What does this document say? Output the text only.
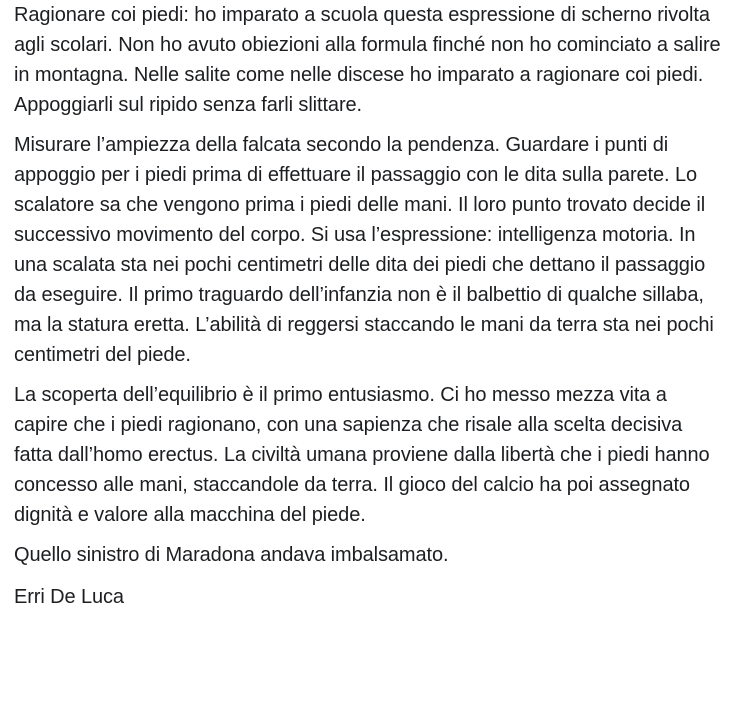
Ragionare coi piedi: ho imparato a scuola questa espressione di scherno rivolta agli scolari. Non ho avuto obiezioni alla formula finché non ho cominciato a salire in montagna. Nelle salite come nelle discese ho imparato a ragionare coi piedi. Appoggiarli sul ripido senza farli slittare.

Misurare l’ampiezza della falcata secondo la pendenza. Guardare i punti di appoggio per i piedi prima di effettuare il passaggio con le dita sulla parete. Lo scalatore sa che vengono prima i piedi delle mani. Il loro punto trovato decide il successivo movimento del corpo. Si usa l’espressione: intelligenza motoria. In una scalata sta nei pochi centimetri delle dita dei piedi che dettano il passaggio da eseguire. Il primo traguardo dell’infanzia non è il balbettio di qualche sillaba, ma la statura eretta. L’abilità di reggersi staccando le mani da terra sta nei pochi centimetri del piede.

La scoperta dell’equilibrio è il primo entusiasmo. Ci ho messo mezza vita a capire che i piedi ragionano, con una sapienza che risale alla scelta decisiva fatta dall’homo erectus. La civiltà umana proviene dalla libertà che i piedi hanno concesso alle mani, staccandole da terra. Il gioco del calcio ha poi assegnato dignità e valore alla macchina del piede.

Quello sinistro di Maradona andava imbalsamato.

Erri De Luca
